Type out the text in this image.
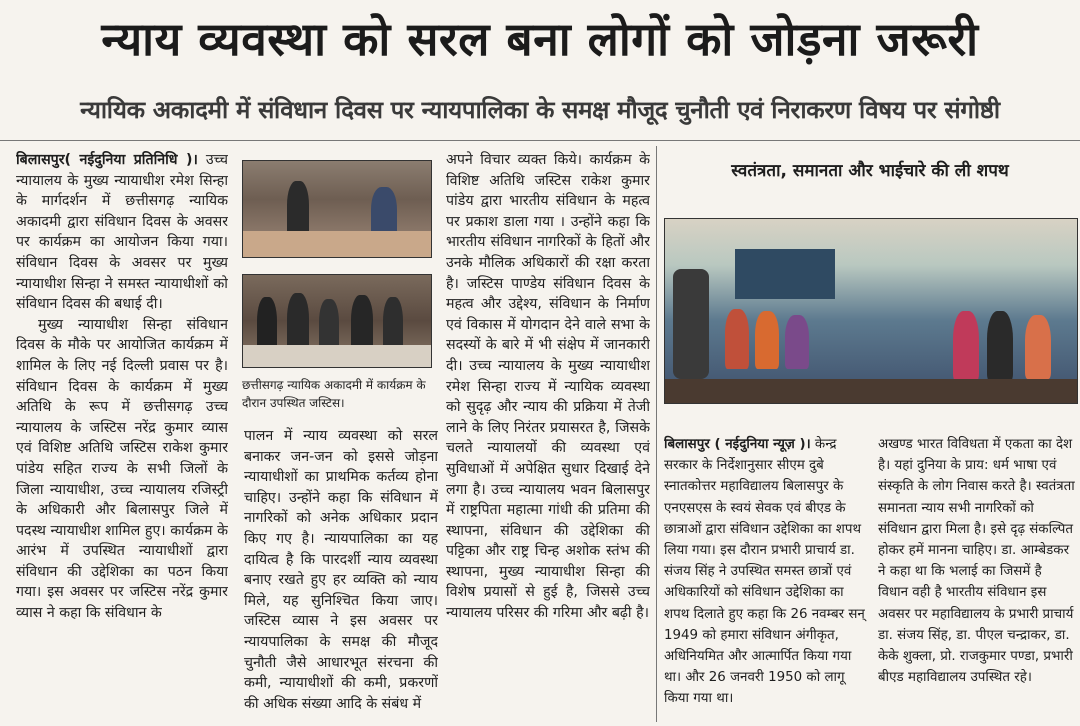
न्याय व्यवस्था को सरल बना लोगों को जोड़ना जरूरी
न्यायिक अकादमी में संविधान दिवस पर न्यायपालिका के समक्ष मौजूद चुनौती एवं निराकरण विषय पर संगोष्ठी

बिलासपुर( नईदुनिया प्रतिनिधि )। उच्च न्यायालय के मुख्य न्यायाधीश रमेश सिन्हा के मार्गदर्शन में छत्तीसगढ़ न्यायिक अकादमी द्वारा संविधान दिवस के अवसर पर कार्यक्रम का आयोजन किया गया। संविधान दिवस के अवसर पर मुख्य न्यायाधीश सिन्हा ने समस्त न्यायाधीशों को संविधान दिवस की बधाई दी।

मुख्य न्यायाधीश सिन्हा संविधान दिवस के मौके पर आयोजित कार्यक्रम में शामिल के लिए नई दिल्ली प्रवास पर है। संविधान दिवस के कार्यक्रम में मुख्य अतिथि के रूप में छत्तीसगढ़ उच्च न्यायालय के जस्टिस नरेंद्र कुमार व्यास एवं विशिष्ट अतिथि जस्टिस राकेश कुमार पांडेय सहित राज्य के सभी जिलों के जिला न्यायाधीश, उच्च न्यायालय रजिस्ट्री के अधिकारी और बिलासपुर जिले में पदस्थ न्यायाधीश शामिल हुए। कार्यक्रम के आरंभ में उपस्थित न्यायाधीशों द्वारा संविधान की उद्देशिका का पठन किया गया। इस अवसर पर जस्टिस नरेंद्र कुमार व्यास ने कहा कि संविधान के

छत्तीसगढ़ न्यायिक अकादमी में कार्यक्रम के दौरान उपस्थित जस्टिस।
पालन में न्याय व्यवस्था को सरल बनाकर जन-जन को इससे जोड़ना न्यायाधीशों का प्राथमिक कर्तव्य होना चाहिए। उन्होंने कहा कि संविधान में नागरिकों को अनेक अधिकार प्रदान किए गए है। न्यायपालिका का यह दायित्व है कि पारदर्शी न्याय व्यवस्था बनाए रखते हुए हर व्यक्ति को न्याय मिले, यह सुनिश्चित किया जाए। जस्टिस व्यास ने इस अवसर पर न्यायपालिका के समक्ष की मौजूद चुनौती जैसे आधारभूत संरचना की कमी, न्यायाधीशों की कमी, प्रकरणों की अधिक संख्या आदि के संबंध में
अपने विचार व्यक्त किये। कार्यक्रम के विशिष्ट अतिथि जस्टिस राकेश कुमार पांडेय द्वारा भारतीय संविधान के महत्व पर प्रकाश डाला गया । उन्होंने कहा कि भारतीय संविधान नागरिकों के हितों और उनके मौलिक अधिकारों की रक्षा करता है। जस्टिस पाण्डेय संविधान दिवस के महत्व और उद्देश्य, संविधान के निर्माण एवं विकास में योगदान देने वाले सभा के सदस्यों के बारे में भी संक्षेप में जानकारी दी। उच्च न्यायालय के मुख्य न्यायाधीश रमेश सिन्हा राज्य में न्यायिक व्यवस्था को सुदृढ़ और न्याय की प्रक्रिया में तेजी लाने के लिए निरंतर प्रयासरत है, जिसके चलते न्यायालयों की व्यवस्था एवं सुविधाओं में अपेक्षित सुधार दिखाई देने लगा है। उच्च न्यायालय भवन बिलासपुर में राष्ट्रपिता महात्मा गांधी की प्रतिमा की स्थापना, संविधान की उद्देशिका की पट्टिका और राष्ट्र चिन्ह अशोक स्तंभ की स्थापना, मुख्य न्यायाधीश सिन्हा की विशेष प्रयासों से हुई है, जिससे उच्च न्यायालय परिसर की गरिमा और बढ़ी है।
स्वतंत्रता, समानता और भाईचारे की ली शपथ

बिलासपुर ( नईदुनिया न्यूज़ )। केन्द्र सरकार के निर्देशानुसार सीएम दुबे स्नातकोत्तर महाविद्यालय बिलासपुर के एनएसएस के स्वयं सेवक एवं बीएड के छात्राओं द्वारा संविधान उद्देशिका का शपथ लिया गया। इस दौरान प्रभारी प्राचार्य डा. संजय सिंह ने उपस्थित समस्त छात्रों एवं अधिकारियों को संविधान उद्देशिका का शपथ दिलाते हुए कहा कि 26 नवम्बर सन् 1949 को हमारा संविधान अंगीकृत, अधिनियमित और आत्मार्पित किया गया था। और 26 जनवरी 1950 को लागू किया गया था।

अखण्ड भारत विविधता में एकता का देश है। यहां दुनिया के प्राय: धर्म भाषा एवं संस्कृति के लोग निवास करते है। स्वतंत्रता समानता न्याय सभी नागरिकों को संविधान द्वारा मिला है। इसे दृढ़ संकल्पित होकर हमें मानना चाहिए। डा. आम्बेडकर ने कहा था कि भलाई का जिसमें है विधान वही है भारतीय संविधान इस अवसर पर महाविद्यालय के प्रभारी प्राचार्य डा. संजय सिंह, डा. पीएल चन्द्राकर, डा. केके शुक्ला, प्रो. राजकुमार पण्डा, प्रभारी बीएड महाविद्यालय उपस्थित रहे।
